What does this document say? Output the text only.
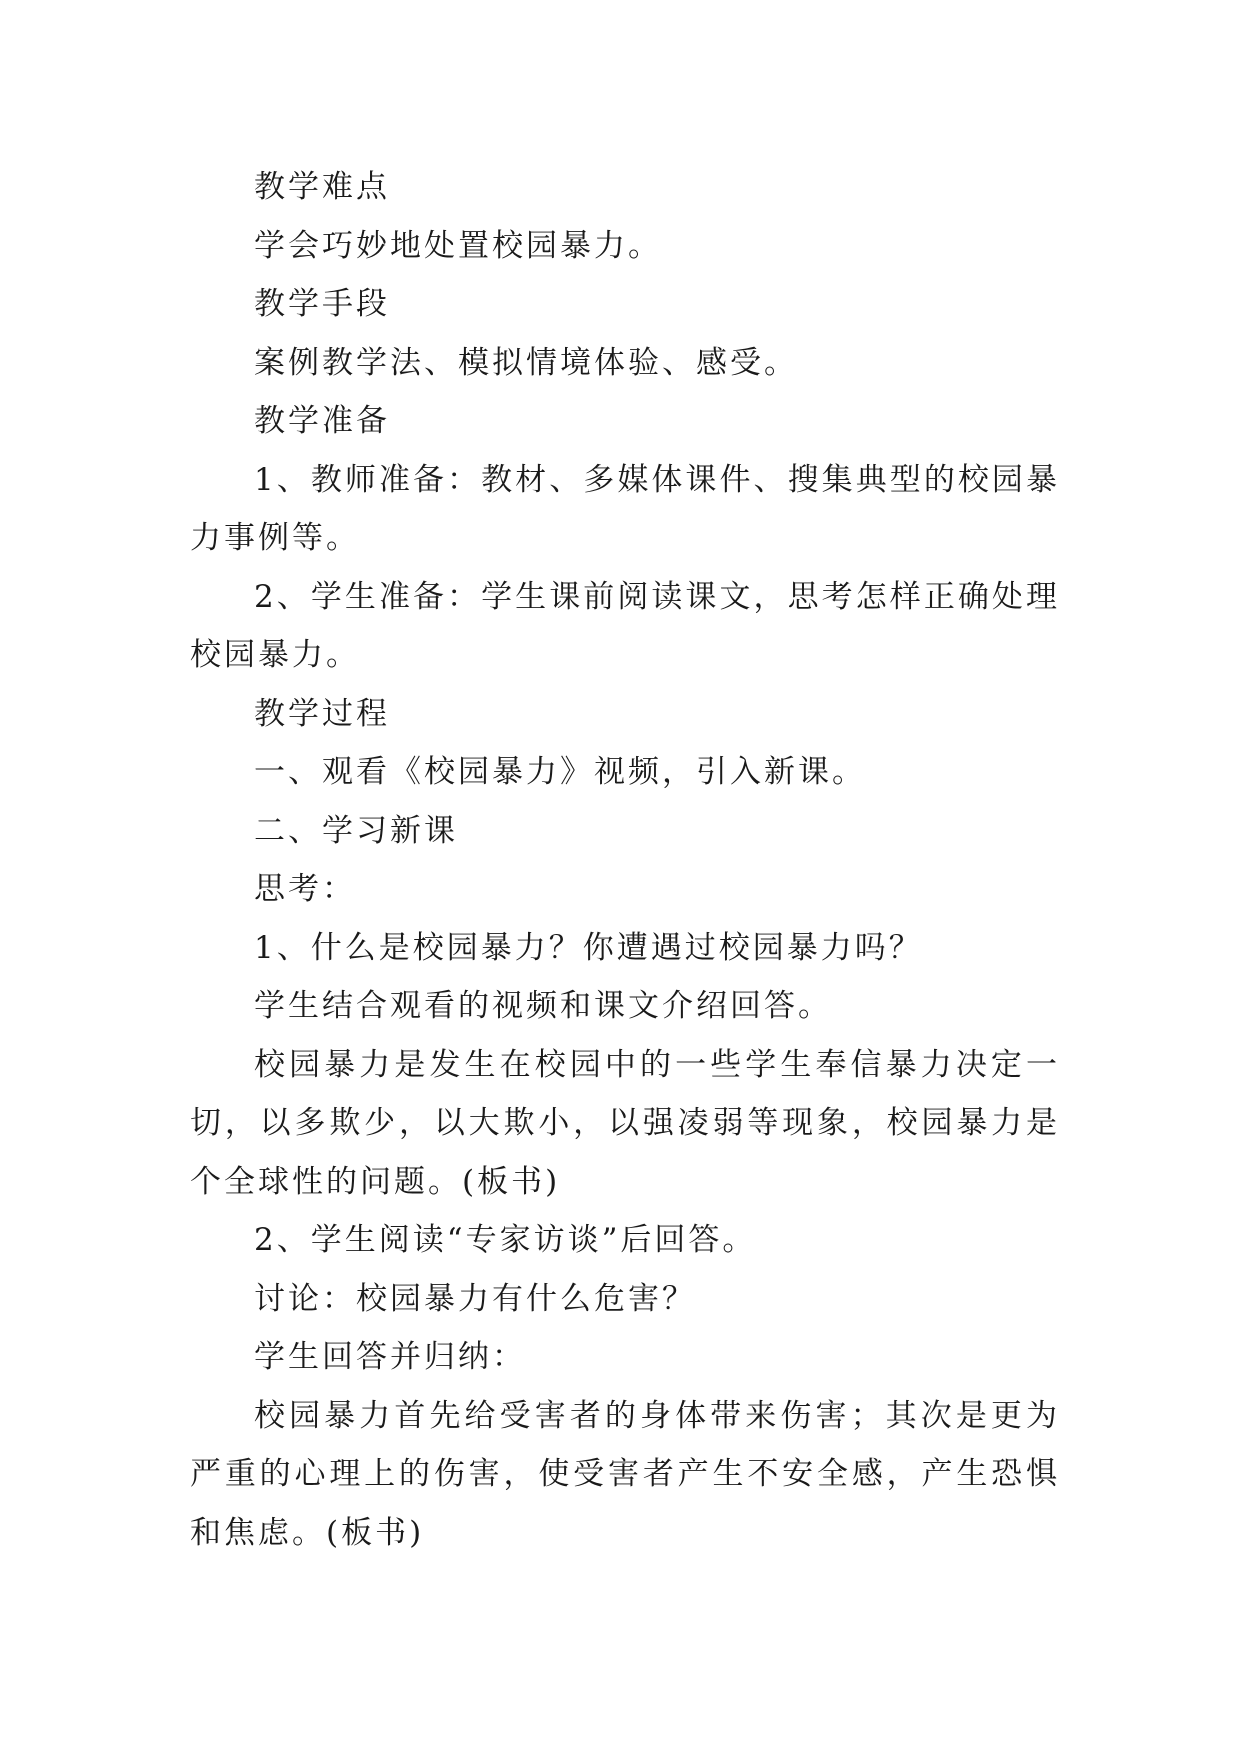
教学难点

学会巧妙地处置校园暴力。

教学手段

案例教学法、模拟情境体验、感受。

教学准备

1、教师准备：教材、多媒体课件、搜集典型的校园暴力事例等。

2、学生准备：学生课前阅读课文，思考怎样正确处理校园暴力。

教学过程

一、观看《校园暴力》视频，引入新课。

二、学习新课

思考：

1、什么是校园暴力？你遭遇过校园暴力吗？

学生结合观看的视频和课文介绍回答。

校园暴力是发生在校园中的一些学生奉信暴力决定一切，以多欺少，以大欺小，以强凌弱等现象，校园暴力是个全球性的问题。(板书)

2、学生阅读“专家访谈”后回答。

讨论：校园暴力有什么危害？

学生回答并归纳：

校园暴力首先给受害者的身体带来伤害；其次是更为严重的心理上的伤害，使受害者产生不安全感，产生恐惧和焦虑。(板书)
